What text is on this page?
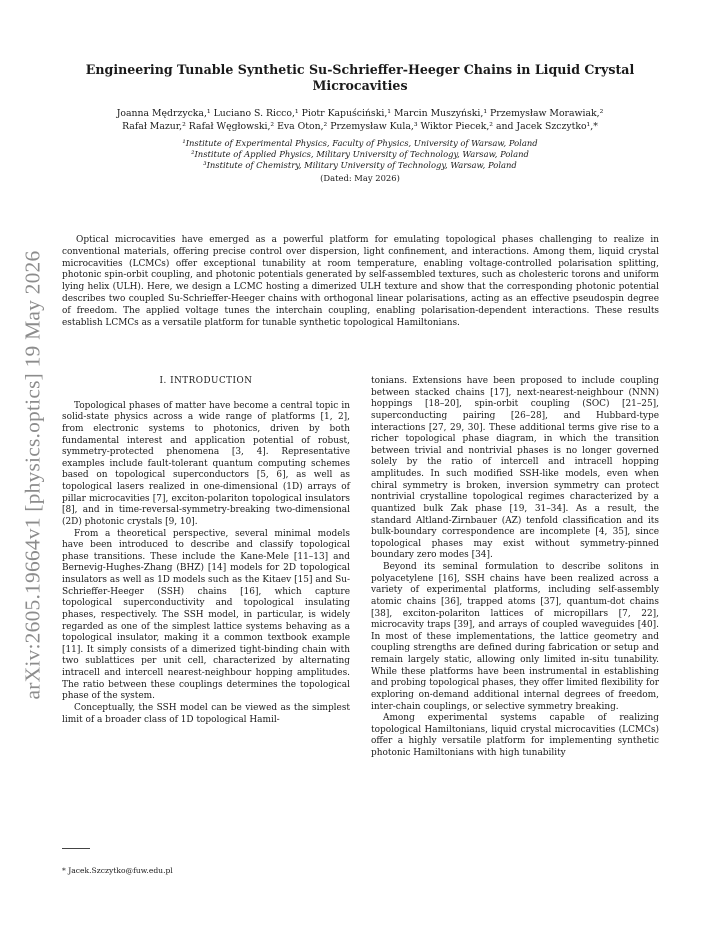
arXiv:2605.19664v1 [physics.optics] 19 May 2026
Engineering Tunable Synthetic Su-Schrieffer-Heeger Chains in Liquid Crystal Microcavities
Joanna Mędrzycka,¹ Luciano S. Ricco,¹ Piotr Kapuściński,¹ Marcin Muszyński,¹ Przemysław Morawiak,²
Rafał Mazur,² Rafał Węgłowski,² Eva Oton,² Przemysław Kula,³ Wiktor Piecek,² and Jacek Szczytko¹,*
¹Institute of Experimental Physics, Faculty of Physics, University of Warsaw, Poland
²Institute of Applied Physics, Military University of Technology, Warsaw, Poland
³Institute of Chemistry, Military University of Technology, Warsaw, Poland
(Dated: May 2026)

Optical microcavities have emerged as a powerful platform for emulating topological phases challenging to realize in conventional materials, offering precise control over dispersion, light confinement, and interactions. Among them, liquid crystal microcavities (LCMCs) offer exceptional tunability at room temperature, enabling voltage-controlled polarisation splitting, photonic spin-orbit coupling, and photonic potentials generated by self-assembled textures, such as cholesteric torons and uniform lying helix (ULH). Here, we design a LCMC hosting a dimerized ULH texture and show that the corresponding photonic potential describes two coupled Su-Schrieffer-Heeger chains with orthogonal linear polarisations, acting as an effective pseudospin degree of freedom. The applied voltage tunes the interchain coupling, enabling polarisation-dependent interactions. These results establish LCMCs as a versatile platform for tunable synthetic topological Hamiltonians.

I. INTRODUCTION

Topological phases of matter have become a central topic in solid-state physics across a wide range of platforms [1, 2], from electronic systems to photonics, driven by both fundamental interest and application potential of robust, symmetry-protected phenomena [3, 4]. Representative examples include fault-tolerant quantum computing schemes based on topological superconductors [5, 6], as well as topological lasers realized in one-dimensional (1D) arrays of pillar microcavities [7], exciton-polariton topological insulators [8], and in time-reversal-symmetry-breaking two-dimensional (2D) photonic crystals [9, 10].

From a theoretical perspective, several minimal models have been introduced to describe and classify topological phase transitions. These include the Kane-Mele [11–13] and Bernevig-Hughes-Zhang (BHZ) [14] models for 2D topological insulators as well as 1D models such as the Kitaev [15] and Su-Schrieffer-Heeger (SSH) chains [16], which capture topological superconductivity and topological insulating phases, respectively. The SSH model, in particular, is widely regarded as one of the simplest lattice systems behaving as a topological insulator, making it a common textbook example [11]. It simply consists of a dimerized tight-binding chain with two sublattices per unit cell, characterized by alternating intracell and intercell nearest-neighbour hopping amplitudes. The ratio between these couplings determines the topological phase of the system.

Conceptually, the SSH model can be viewed as the simplest limit of a broader class of 1D topological Hamil-

tonians. Extensions have been proposed to include coupling between stacked chains [17], next-nearest-neighbour (NNN) hoppings [18–20], spin-orbit coupling (SOC) [21–25], superconducting pairing [26–28], and Hubbard-type interactions [27, 29, 30]. These additional terms give rise to a richer topological phase diagram, in which the transition between trivial and nontrivial phases is no longer governed solely by the ratio of intercell and intracell hopping amplitudes. In such modified SSH-like models, even when chiral symmetry is broken, inversion symmetry can protect nontrivial crystalline topological regimes characterized by a quantized bulk Zak phase [19, 31–34]. As a result, the standard Altland-Zirnbauer (AZ) tenfold classification and its bulk-boundary correspondence are incomplete [4, 35], since topological phases may exist without symmetry-pinned boundary zero modes [34].

Beyond its seminal formulation to describe solitons in polyacetylene [16], SSH chains have been realized across a variety of experimental platforms, including self-assembly atomic chains [36], trapped atoms [37], quantum-dot chains [38], exciton-polariton lattices of micropillars [7, 22], microcavity traps [39], and arrays of coupled waveguides [40]. In most of these implementations, the lattice geometry and coupling strengths are defined during fabrication or setup and remain largely static, allowing only limited in-situ tunability. While these platforms have been instrumental in establishing and probing topological phases, they offer limited flexibility for exploring on-demand additional internal degrees of freedom, inter-chain couplings, or selective symmetry breaking.

Among experimental systems capable of realizing topological Hamiltonians, liquid crystal microcavities (LCMCs) offer a highly versatile platform for implementing synthetic photonic Hamiltonians with high tunability

* Jacek.Szczytko@fuw.edu.pl
